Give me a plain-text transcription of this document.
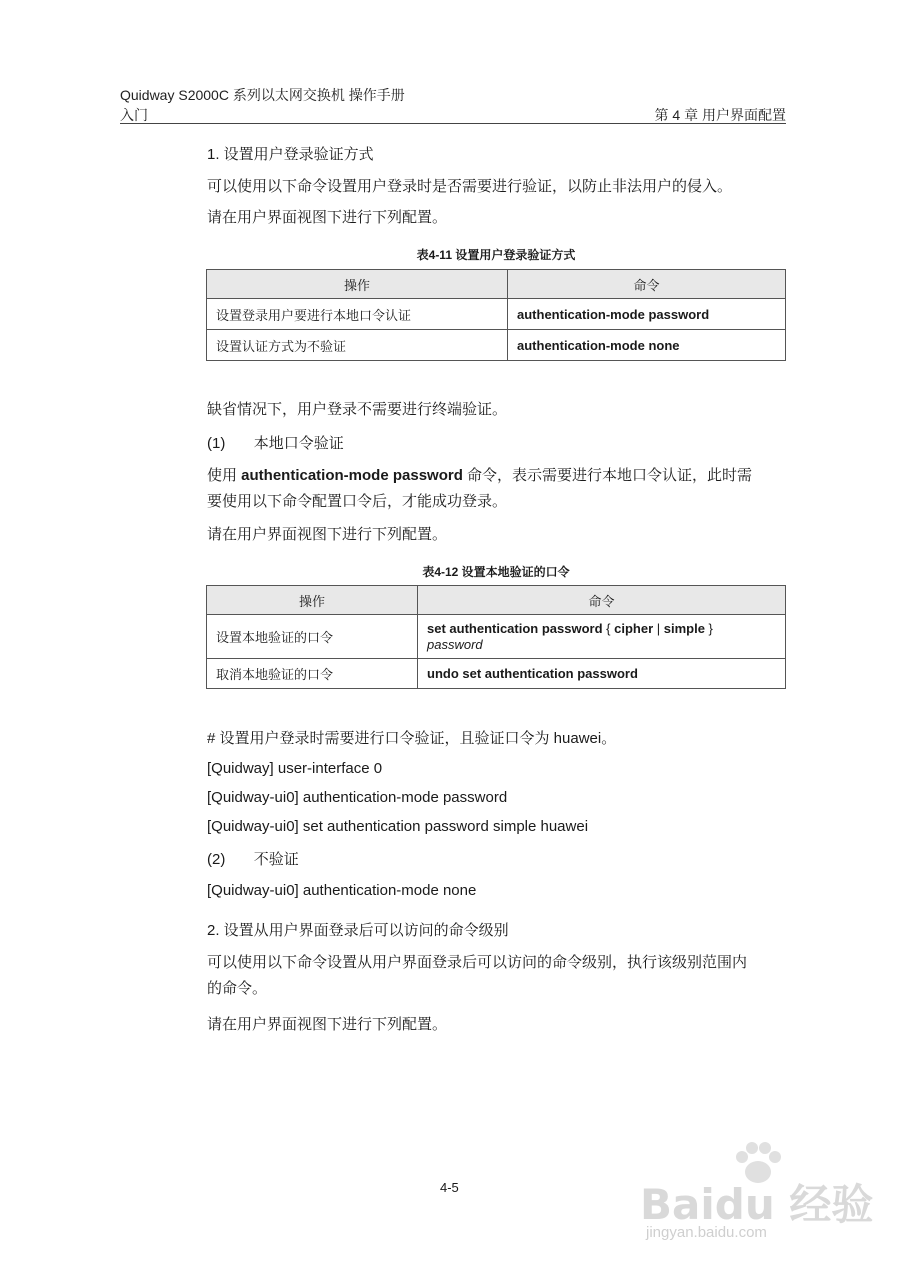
Quidway S2000C 系列以太网交换机 操作手册
入门	第 4 章 用户界面配置
1. 设置用户登录验证方式
可以使用以下命令设置用户登录时是否需要进行验证，以防止非法用户的侵入。
请在用户界面视图下进行下列配置。
表4-11 设置用户登录验证方式
操作	命令
设置登录用户要进行本地口令认证	authentication-mode password
设置认证方式为不验证	authentication-mode none
缺省情况下，用户登录不需要进行终端验证。
(1) 本地口令验证
使用 authentication-mode password 命令，表示需要进行本地口令认证，此时需
要使用以下命令配置口令后，才能成功登录。
请在用户界面视图下进行下列配置。
表4-12 设置本地验证的口令
操作	命令
设置本地验证的口令	set authentication password { cipher | simple }
password
取消本地验证的口令	undo set authentication password
# 设置用户登录时需要进行口令验证，且验证口令为 huawei。
[Quidway] user-interface 0
[Quidway-ui0] authentication-mode password
[Quidway-ui0] set authentication password simple huawei
(2) 不验证
[Quidway-ui0] authentication-mode none
2. 设置从用户界面登录后可以访问的命令级别
可以使用以下命令设置从用户界面登录后可以访问的命令级别，执行该级别范围内
的命令。
请在用户界面视图下进行下列配置。
4-5	Baidu 经验
jingyan.baidu.com
